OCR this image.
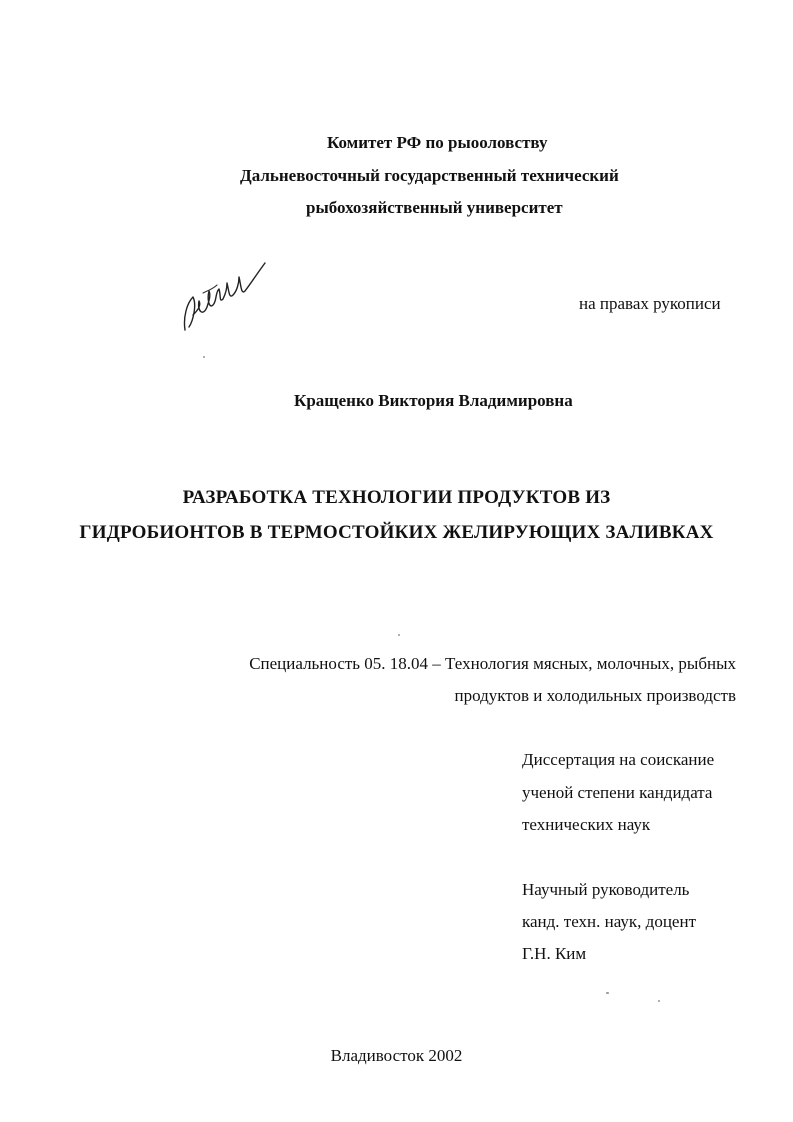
Комитет РФ по рыооловству
Дальневосточный государственный технический
рыбохозяйственный университет
на правах рукописи
Кращенко Виктория Владимировна
РАЗРАБОТКА ТЕХНОЛОГИИ ПРОДУКТОВ ИЗ
ГИДРОБИОНТОВ В ТЕРМОСТОЙКИХ ЖЕЛИРУЮЩИХ ЗАЛИВКАХ
Специальность 05. 18.04 – Технология мясных, молочных, рыбных
продуктов и холодильных производств
Диссертация на соискание
ученой степени кандидата
технических наук
Научный руководитель
канд. техн. наук, доцент
Г.Н. Ким
Владивосток 2002
